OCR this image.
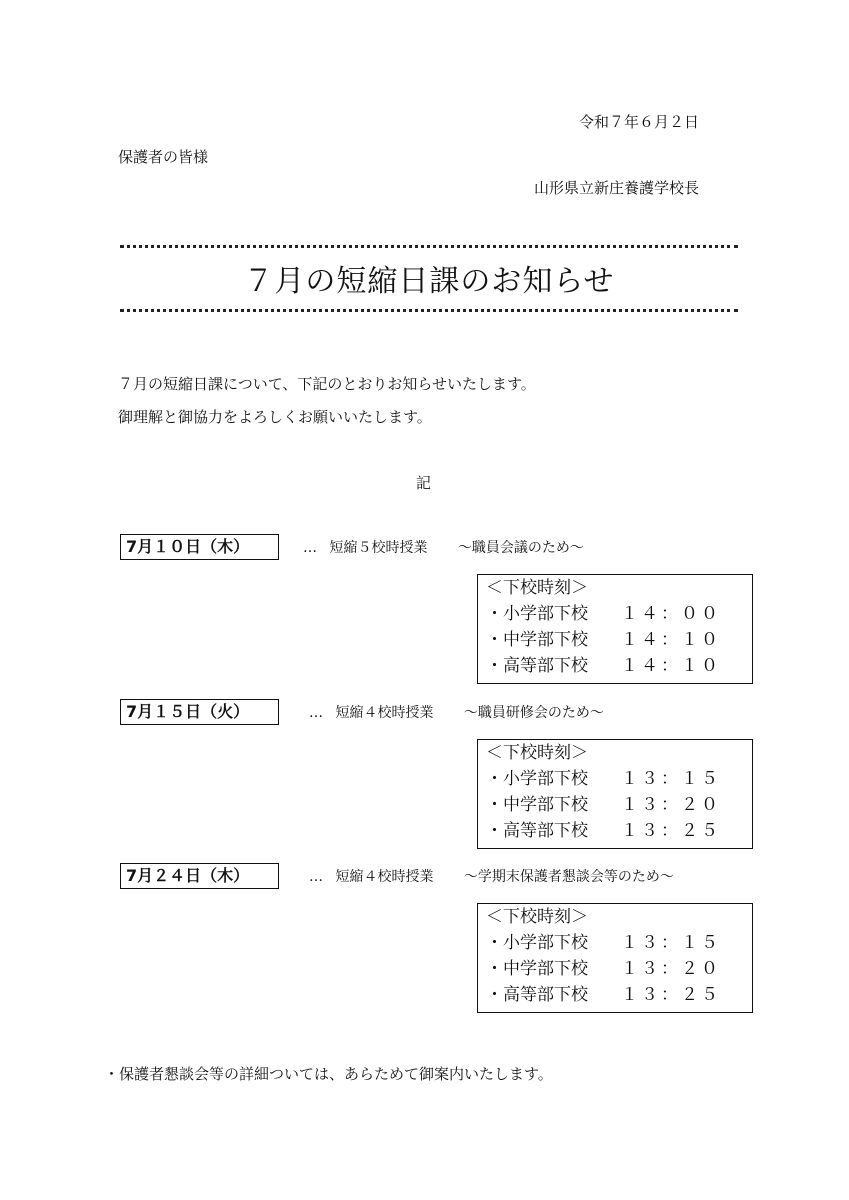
令和７年６月２日
保護者の皆様
山形県立新庄養護学校長
７月の短縮日課のお知らせ
７月の短縮日課について、下記のとおりお知らせいたします。
御理解と御協力をよろしくお願いいたします。
記
7月１０日（木）	… 短縮５校時授業 ～職員会議のため～
＜下校時刻＞
・小学部下校 １４：００
・中学部下校 １４：１０
・高等部下校 １４：１０
7月１５日（火）	… 短縮４校時授業 ～職員研修会のため～
＜下校時刻＞
・小学部下校 １３：１５
・中学部下校 １３：２０
・高等部下校 １３：２５
7月２４日（木）	… 短縮４校時授業 ～学期末保護者懇談会等のため～
＜下校時刻＞
・小学部下校 １３：１５
・中学部下校 １３：２０
・高等部下校 １３：２５
・保護者懇談会等の詳細ついては、あらためて御案内いたします。
